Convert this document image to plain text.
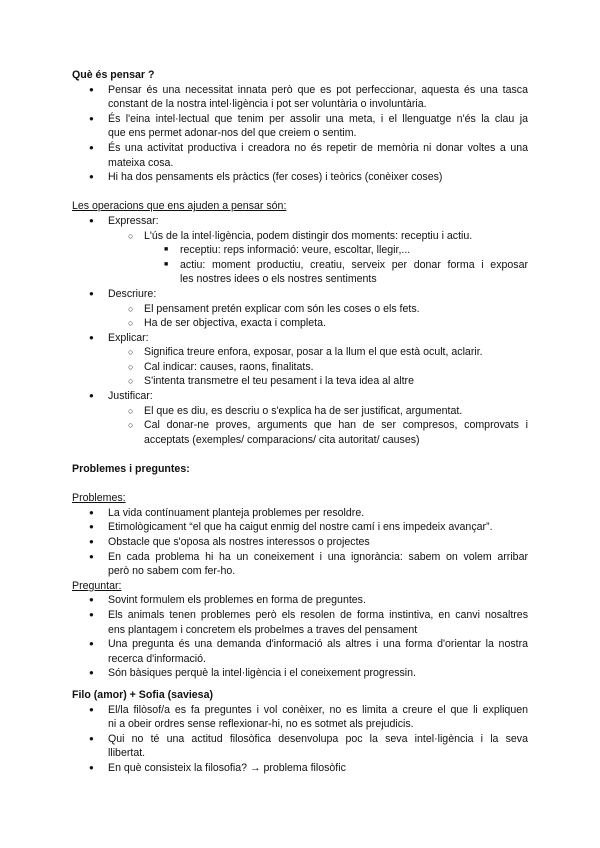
Què és pensar ?
● Pensar és una necessitat innata però que es pot perfeccionar, aquesta és una tasca
constant de la nostra intel·ligència i pot ser voluntària o involuntària.
● És l'eina intel·lectual que tenim per assolir una meta, i el llenguatge n'és la clau ja
que ens permet adonar-nos del que creiem o sentim.
● És una activitat productiva i creadora no és repetir de memòria ni donar voltes a una
mateixa cosa.
● Hi ha dos pensaments els pràctics (fer coses) i teòrics (conèixer coses)
Les operacions que ens ajuden a pensar són:
● Expressar:
○ L'ús de la intel·ligència, podem distingir dos moments: receptiu i actiu.
■ receptiu: reps informació: veure, escoltar, llegir,...
■ actiu: moment productiu, creatiu, serveix per donar forma i exposar
les nostres idees o els nostres sentiments
● Descriure:
○ El pensament pretén explicar com són les coses o els fets.
○ Ha de ser objectiva, exacta i completa.
● Explicar:
○ Significa treure enfora, exposar, posar a la llum el que està ocult, aclarir.
○ Cal indicar: causes, raons, finalitats.
○ S'intenta transmetre el teu pesament i la teva idea al altre
● Justificar:
○ El que es diu, es descriu o s'explica ha de ser justificat, argumentat.
○ Cal donar-ne proves, arguments que han de ser compresos, comprovats i
acceptats (exemples/ comparacions/ cita autoritat/ causes)
Problemes i preguntes:
Problemes:
● La vida contínuament planteja problemes per resoldre.
● Etimològicament “el que ha caigut enmig del nostre camí i ens impedeix avançar”.
● Obstacle que s'oposa als nostres interessos o projectes
● En cada problema hi ha un coneixement i una ignorància: sabem on volem arribar
però no sabem com fer-ho.
Preguntar:
● Sovint formulem els problemes en forma de preguntes.
● Els animals tenen problemes però els resolen de forma instintiva, en canvi nosaltres
ens plantagem i concretem els probelmes a traves del pensament
● Una pregunta és una demanda d'informació als altres i una forma d'orientar la nostra
recerca d'informació.
● Són bàsiques perquè la intel·ligència i el coneixement progressin.
Filo (amor) + Sofia (saviesa)
● El/la filòsof/a es fa preguntes i vol conèixer, no es limita a creure el que li expliquen
ni a obeir ordres sense reflexionar-hi, no es sotmet als prejudicis.
● Qui no té una actitud filosòfica desenvolupa poc la seva intel·ligència i la seva
llibertat.
● En què consisteix la filosofia? → problema filosòfic
